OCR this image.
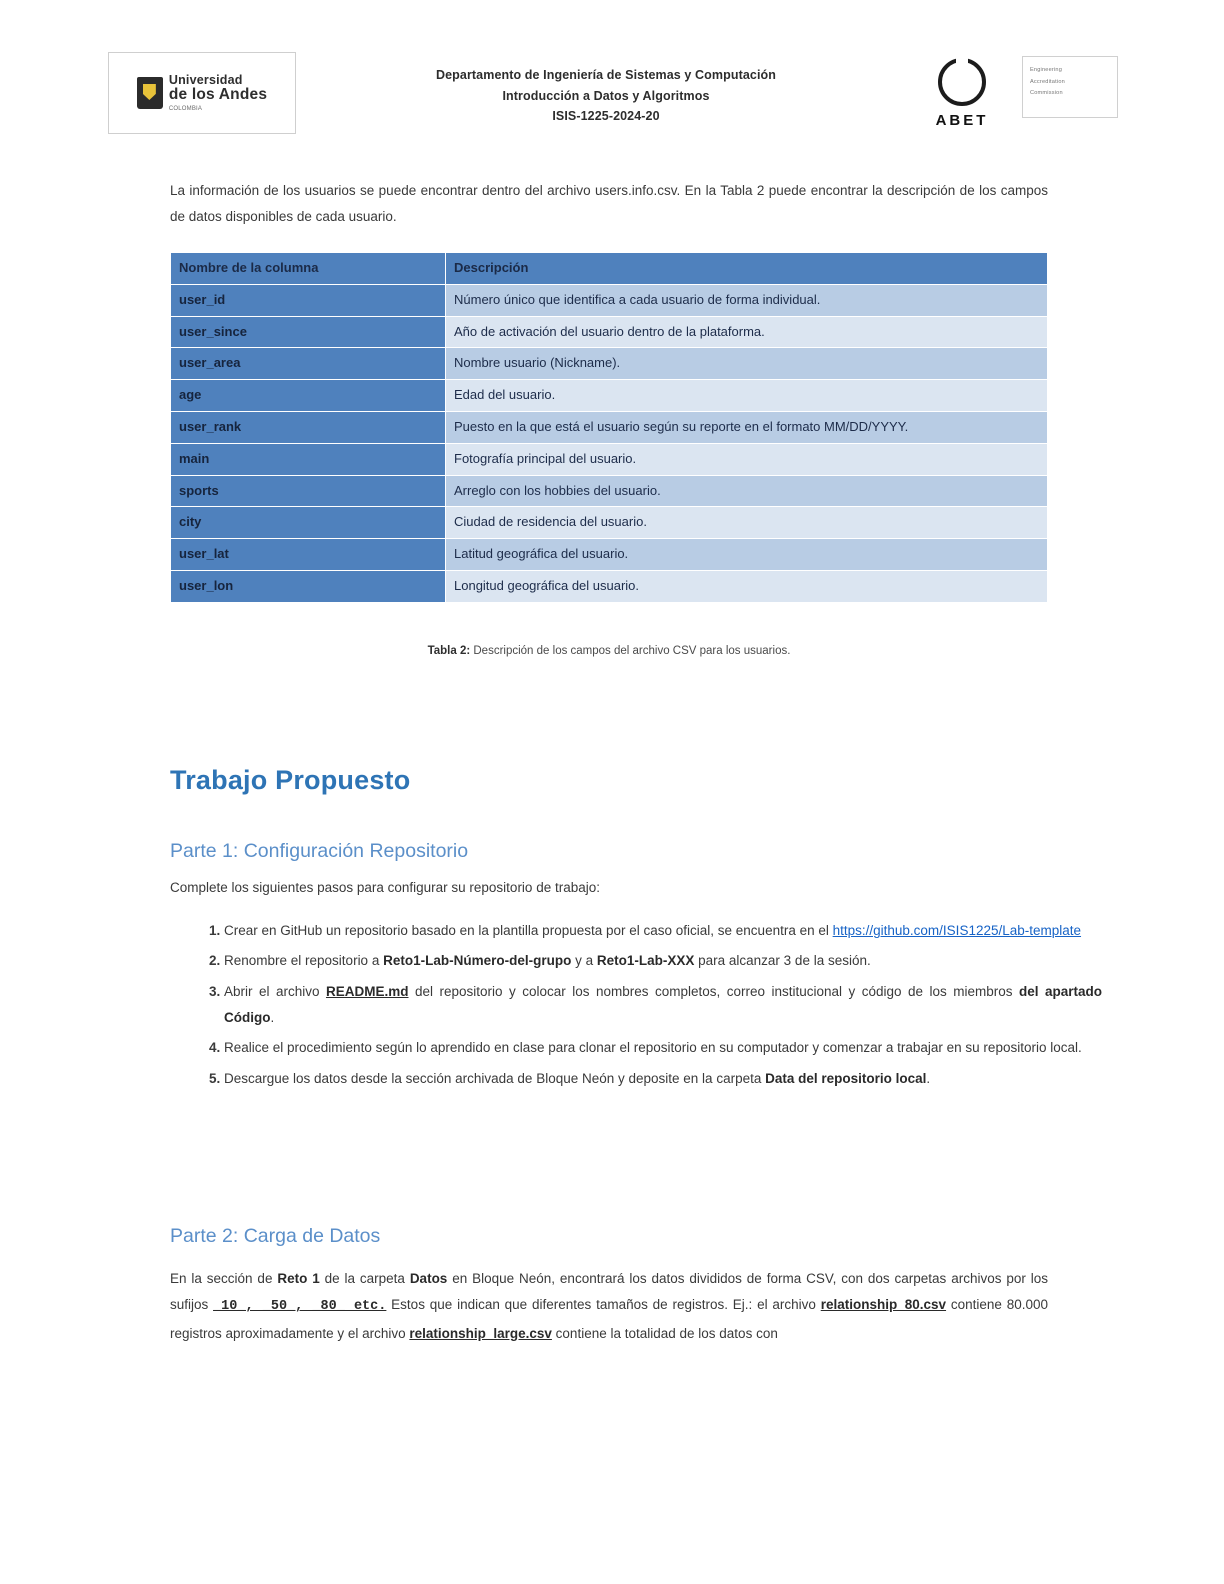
Universidad
de los Andes
COLOMBIA
Departamento de Ingeniería de Sistemas y Computación
Introducción a Datos y Algoritmos
ISIS-1225-2024-20	ABET
Engineering
Accreditation
Commission
La información de los usuarios se puede encontrar dentro del archivo users.info.csv. En la Tabla 2 puede encontrar la descripción de los campos de datos disponibles de cada usuario.
Nombre de la columna	Descripción
user_id	Número único que identifica a cada usuario de forma individual.
user_since	Año de activación del usuario dentro de la plataforma.
user_area	Nombre usuario (Nickname).
age	Edad del usuario.
user_rank	Puesto en la que está el usuario según su reporte en el formato MM/DD/YYYY.
main	Fotografía principal del usuario.
sports	Arreglo con los hobbies del usuario.
city	Ciudad de residencia del usuario.
user_lat	Latitud geográfica del usuario.
user_lon	Longitud geográfica del usuario.
Tabla 2: Descripción de los campos del archivo CSV para los usuarios.
Trabajo Propuesto
Parte 1: Configuración Repositorio
Complete los siguientes pasos para configurar su repositorio de trabajo:
1. Crear en GitHub un repositorio basado en la plantilla propuesta por el caso oficial, se encuentra en el https://github.com/ISIS1225/Lab-template
2. Renombre el repositorio a Reto1-Lab-Número-del-grupo y a Reto1-Lab-XXX para alcanzar 3 de la sesión.
3. Abrir el archivo README.md del repositorio y colocar los nombres completos, correo institucional y código de los miembros del apartado Código.
4. Realice el procedimiento según lo aprendido en clase para clonar el repositorio en su computador y comenzar a trabajar en su repositorio local.
5. Descargue los datos desde la sección archivada de Bloque Neón y deposite en la carpeta Data del repositorio local.
Parte 2: Carga de Datos
En la sección de Reto 1 de la carpeta Datos en Bloque Neón, encontrará los datos divididos de forma CSV, con dos carpetas archivos por los sufijos _10_, _50_, _80_ etc. Estos que indican que diferentes tamaños de registros. Ej.: el archivo relationship_80.csv contiene 80.000 registros aproximadamente y el archivo relationship_large.csv contiene la totalidad de los datos con
